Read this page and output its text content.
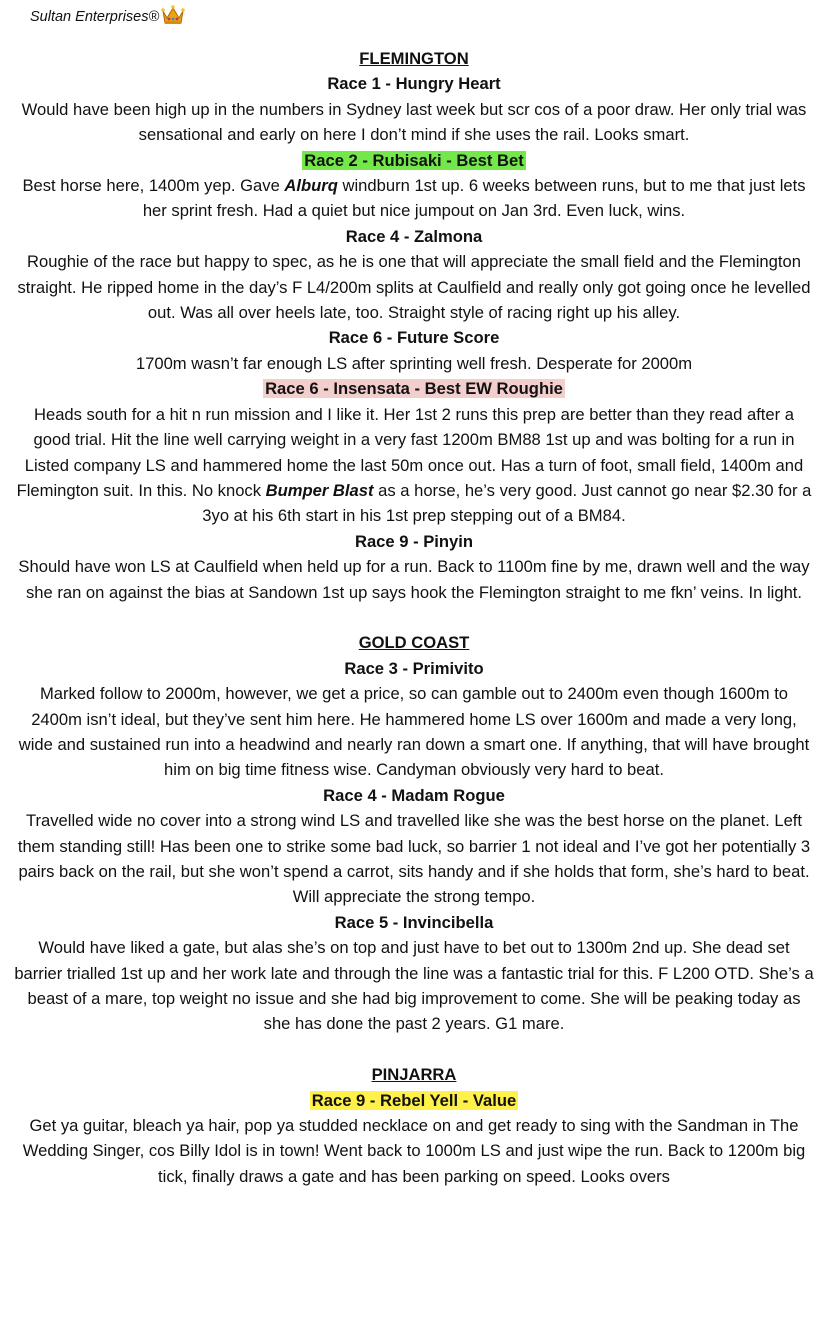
Sultan Enterprises®
FLEMINGTON
Race 1 - Hungry Heart

Would have been high up in the numbers in Sydney last week but scr cos of a poor draw. Her only trial was sensational and early on here I don’t mind if she uses the rail. Looks smart.

Race 2 - Rubisaki - Best Bet

Best horse here, 1400m yep. Gave Alburq windburn 1st up. 6 weeks between runs, but to me that just lets her sprint fresh. Had a quiet but nice jumpout on Jan 3rd. Even luck, wins.

Race 4 - Zalmona

Roughie of the race but happy to spec, as he is one that will appreciate the small field and the Flemington straight. He ripped home in the day’s F L4/200m splits at Caulfield and really only got going once he levelled out. Was all over heels late, too. Straight style of racing right up his alley.

Race 6 - Future Score

1700m wasn’t far enough LS after sprinting well fresh. Desperate for 2000m

Race 6 - Insensata - Best EW Roughie

Heads south for a hit n run mission and I like it. Her 1st 2 runs this prep are better than they read after a good trial. Hit the line well carrying weight in a very fast 1200m BM88 1st up and was bolting for a run in Listed company LS and hammered home the last 50m once out. Has a turn of foot, small field, 1400m and Flemington suit. In this. No knock Bumper Blast as a horse, he’s very good. Just cannot go near $2.30 for a 3yo at his 6th start in his 1st prep stepping out of a BM84.

Race 9 - Pinyin

Should have won LS at Caulfield when held up for a run. Back to 1100m fine by me, drawn well and the way she ran on against the bias at Sandown 1st up says hook the Flemington straight to me fkn’ veins. In light.

GOLD COAST
Race 3 - Primivito

Marked follow to 2000m, however, we get a price, so can gamble out to 2400m even though 1600m to 2400m isn’t ideal, but they’ve sent him here. He hammered home LS over 1600m and made a very long, wide and sustained run into a headwind and nearly ran down a smart one. If anything, that will have brought him on big time fitness wise. Candyman obviously very hard to beat.

Race 4 - Madam Rogue

Travelled wide no cover into a strong wind LS and travelled like she was the best horse on the planet. Left them standing still! Has been one to strike some bad luck, so barrier 1 not ideal and I’ve got her potentially 3 pairs back on the rail, but she won’t spend a carrot, sits handy and if she holds that form, she’s hard to beat. Will appreciate the strong tempo.

Race 5 - Invincibella

Would have liked a gate, but alas she’s on top and just have to bet out to 1300m 2nd up. She dead set barrier trialled 1st up and her work late and through the line was a fantastic trial for this. F L200 OTD. She’s a beast of a mare, top weight no issue and she had big improvement to come. She will be peaking today as she has done the past 2 years. G1 mare.

PINJARRA
Race 9 - Rebel Yell - Value

Get ya guitar, bleach ya hair, pop ya studded necklace on and get ready to sing with the Sandman in The Wedding Singer, cos Billy Idol is in town! Went back to 1000m LS and just wipe the run. Back to 1200m big tick, finally draws a gate and has been parking on speed. Looks overs
